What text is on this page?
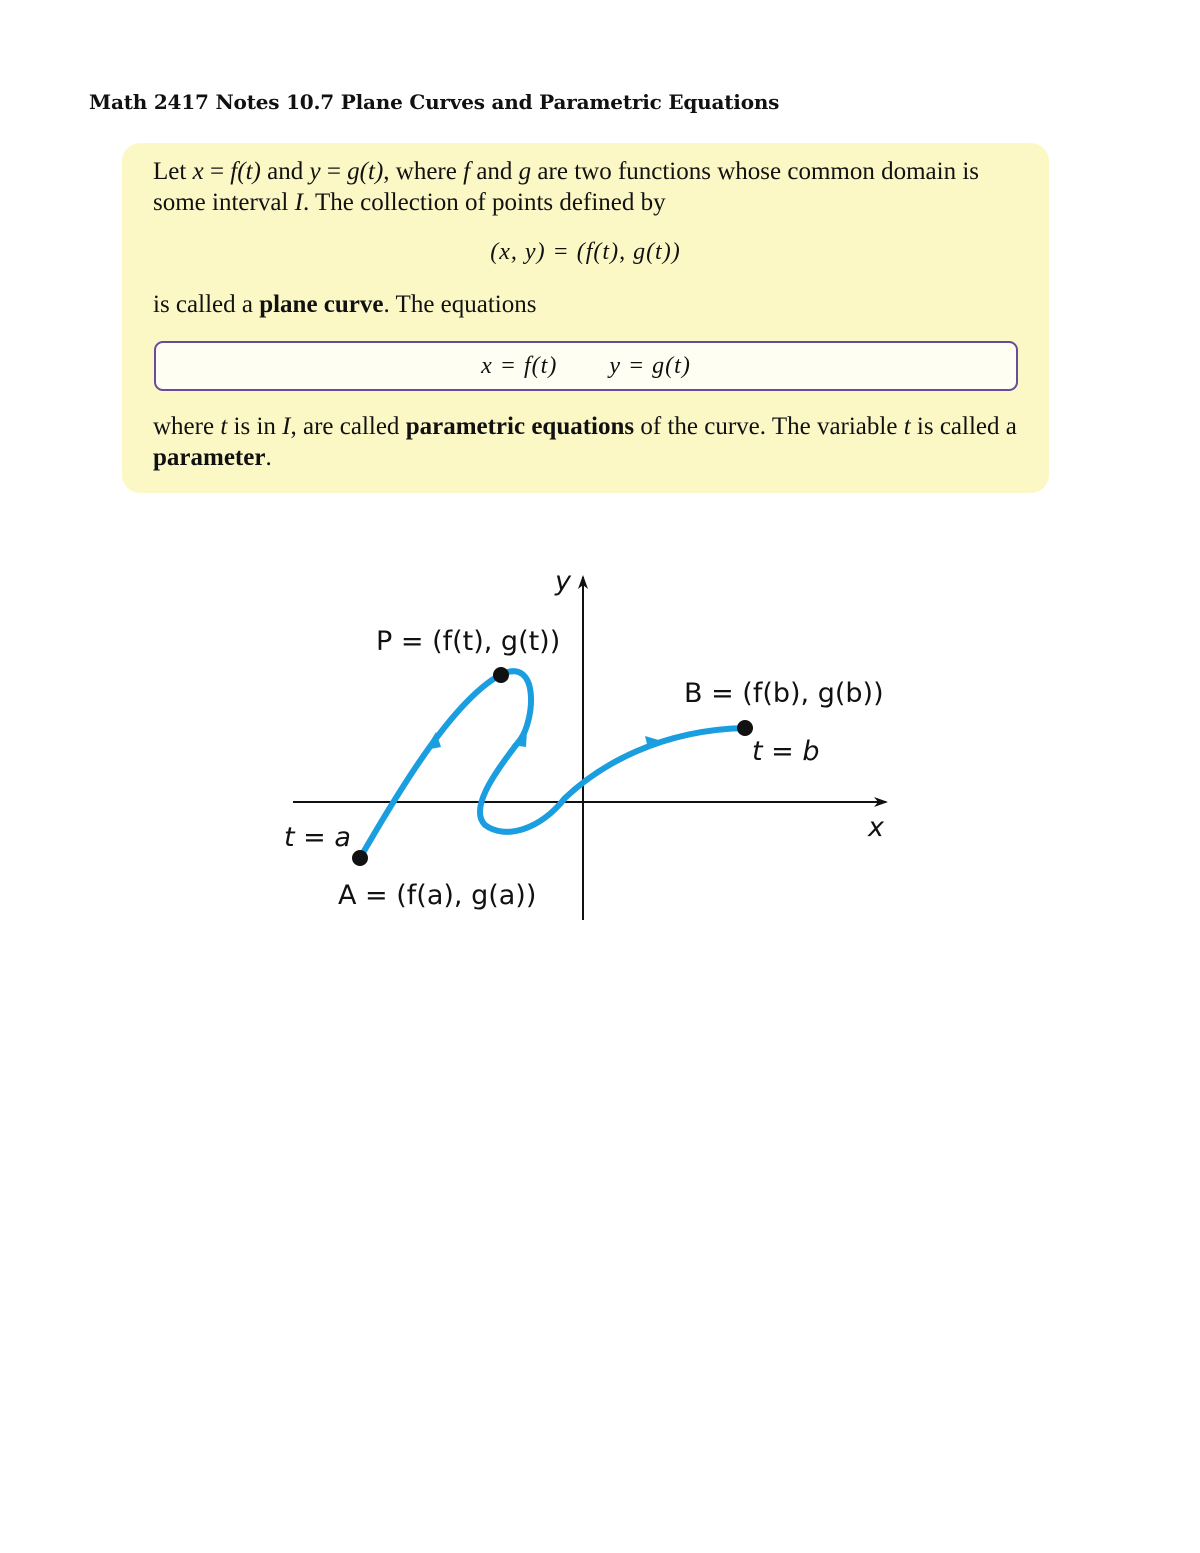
Math 2417 Notes 10.7 Plane Curves and Parametric Equations
Let x = f(t) and y = g(t), where f and g are two functions whose common domain is some interval I. The collection of points defined by
(x, y) = (f(t), g(t))
is called a plane curve. The equations
x = f(t) y = g(t)
where t is in I, are called parametric equations of the curve. The variable t is called a parameter.
y
x
P = (f(t), g(t))
B = (f(b), g(b))
t = b
t = a
A = (f(a), g(a))
